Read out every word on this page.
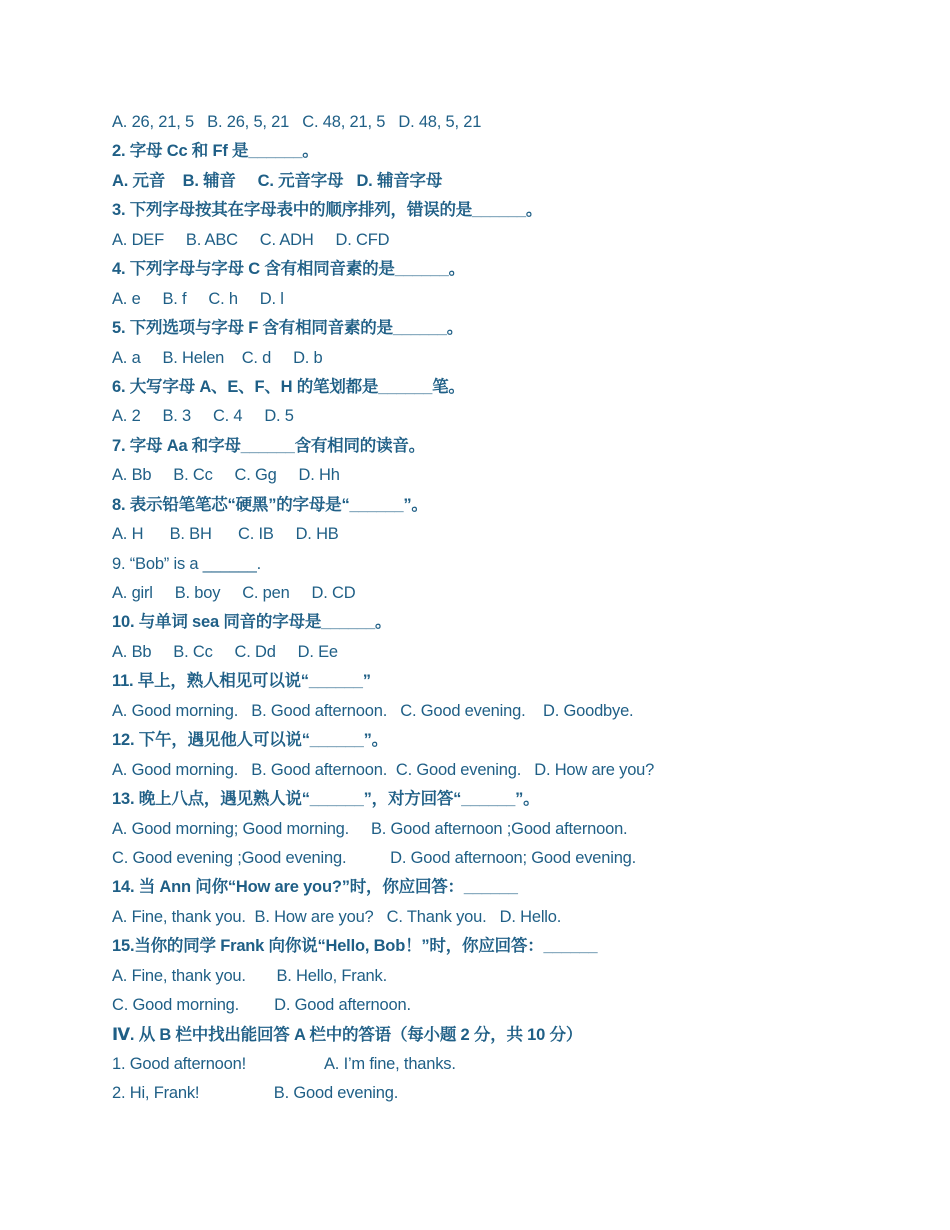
A. 26, 21, 5   B. 26, 5, 21   C. 48, 21, 5   D. 48, 5, 21
2. 字母 Cc 和 Ff 是______。
A. 元音    B. 辅音     C. 元音字母   D. 辅音字母
3. 下列字母按其在字母表中的顺序排列，错误的是______。
A. DEF     B. ABC     C. ADH     D. CFD
4. 下列字母与字母 C 含有相同音素的是______。
A. e     B. f     C. h     D. l
5. 下列选项与字母 F 含有相同音素的是______。
A. a     B. Helen    C. d     D. b
6. 大写字母 A、E、F、H 的笔划都是______笔。
A. 2     B. 3     C. 4     D. 5
7. 字母 Aa 和字母______含有相同的读音。
A. Bb     B. Cc     C. Gg     D. Hh
8. 表示铅笔笔芯“硬黑”的字母是“______”。
A. H      B. BH      C. IB     D. HB
9. “Bob” is a ______.
A. girl     B. boy     C. pen     D. CD
10. 与单词 sea 同音的字母是______。
A. Bb     B. Cc     C. Dd     D. Ee
11. 早上，熟人相见可以说“______”
A. Good morning.   B. Good afternoon.   C. Good evening.    D. Goodbye.
12. 下午，遇见他人可以说“______”。
A. Good morning.   B. Good afternoon.  C. Good evening.   D. How are you?
13. 晚上八点，遇见熟人说“______”，对方回答“______”。
A. Good morning; Good morning.     B. Good afternoon ;Good afternoon.
C. Good evening ;Good evening.          D. Good afternoon; Good evening.
14. 当 Ann 问你“How are you?”时，你应回答：______
A. Fine, thank you.  B. How are you?   C. Thank you.   D. Hello.
15.当你的同学 Frank 向你说“Hello, Bob！”时，你应回答：______
A. Fine, thank you.       B. Hello, Frank.
C. Good morning.        D. Good afternoon.
Ⅳ. 从 B 栏中找出能回答 A 栏中的答语（每小题 2 分，共 10 分）
1. Good afternoon!                  A. I’m fine, thanks.
2. Hi, Frank!                 B. Good evening.
